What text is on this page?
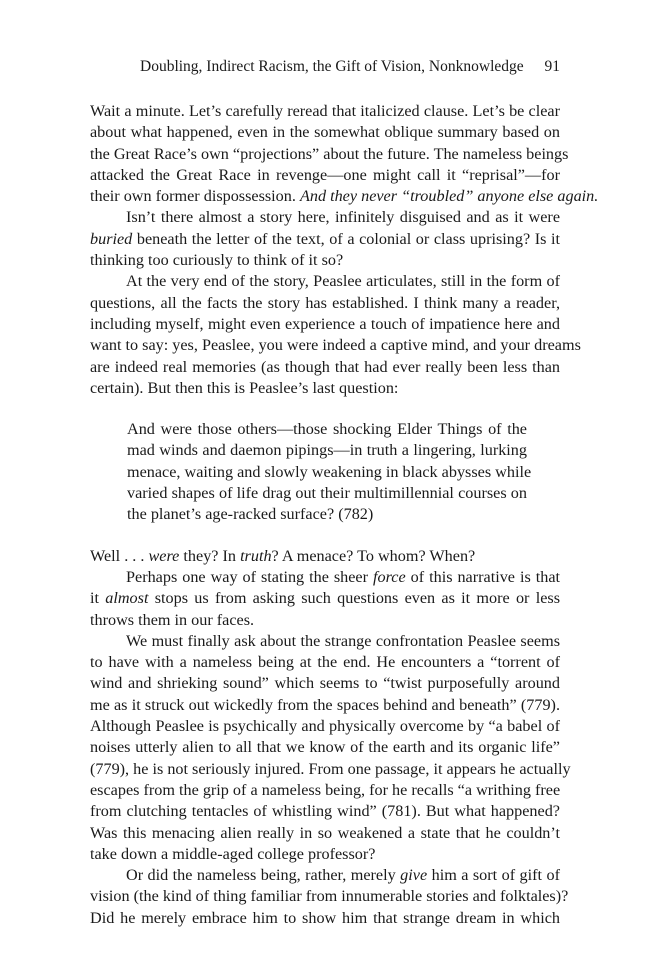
Doubling, Indirect Racism, the Gift of Vision, Nonknowledge 91
Wait a minute. Let’s carefully reread that italicized clause. Let’s be clear
about what happened, even in the somewhat oblique summary based on
the Great Race’s own “projections” about the future. The nameless beings
attacked the Great Race in revenge—one might call it “reprisal”—for
their own former dispossession. And they never “troubled” anyone else again.
Isn’t there almost a story here, infinitely disguised and as it were
buried beneath the letter of the text, of a colonial or class uprising? Is it
thinking too curiously to think of it so?
At the very end of the story, Peaslee articulates, still in the form of
questions, all the facts the story has established. I think many a reader,
including myself, might even experience a touch of impatience here and
want to say: yes, Peaslee, you were indeed a captive mind, and your dreams
are indeed real memories (as though that had ever really been less than
certain). But then this is Peaslee’s last question:
And were those others—those shocking Elder Things of the
mad winds and daemon pipings—in truth a lingering, lurking
menace, waiting and slowly weakening in black abysses while
varied shapes of life drag out their multimillennial courses on
the planet’s age-racked surface? (782)
Well . . . were they? In truth? A menace? To whom? When?
Perhaps one way of stating the sheer force of this narrative is that
it almost stops us from asking such questions even as it more or less
throws them in our faces.
We must finally ask about the strange confrontation Peaslee seems
to have with a nameless being at the end. He encounters a “torrent of
wind and shrieking sound” which seems to “twist purposefully around
me as it struck out wickedly from the spaces behind and beneath” (779).
Although Peaslee is psychically and physically overcome by “a babel of
noises utterly alien to all that we know of the earth and its organic life”
(779), he is not seriously injured. From one passage, it appears he actually
escapes from the grip of a nameless being, for he recalls “a writhing free
from clutching tentacles of whistling wind” (781). But what happened?
Was this menacing alien really in so weakened a state that he couldn’t
take down a middle-aged college professor?
Or did the nameless being, rather, merely give him a sort of gift of
vision (the kind of thing familiar from innumerable stories and folktales)?
Did he merely embrace him to show him that strange dream in which
